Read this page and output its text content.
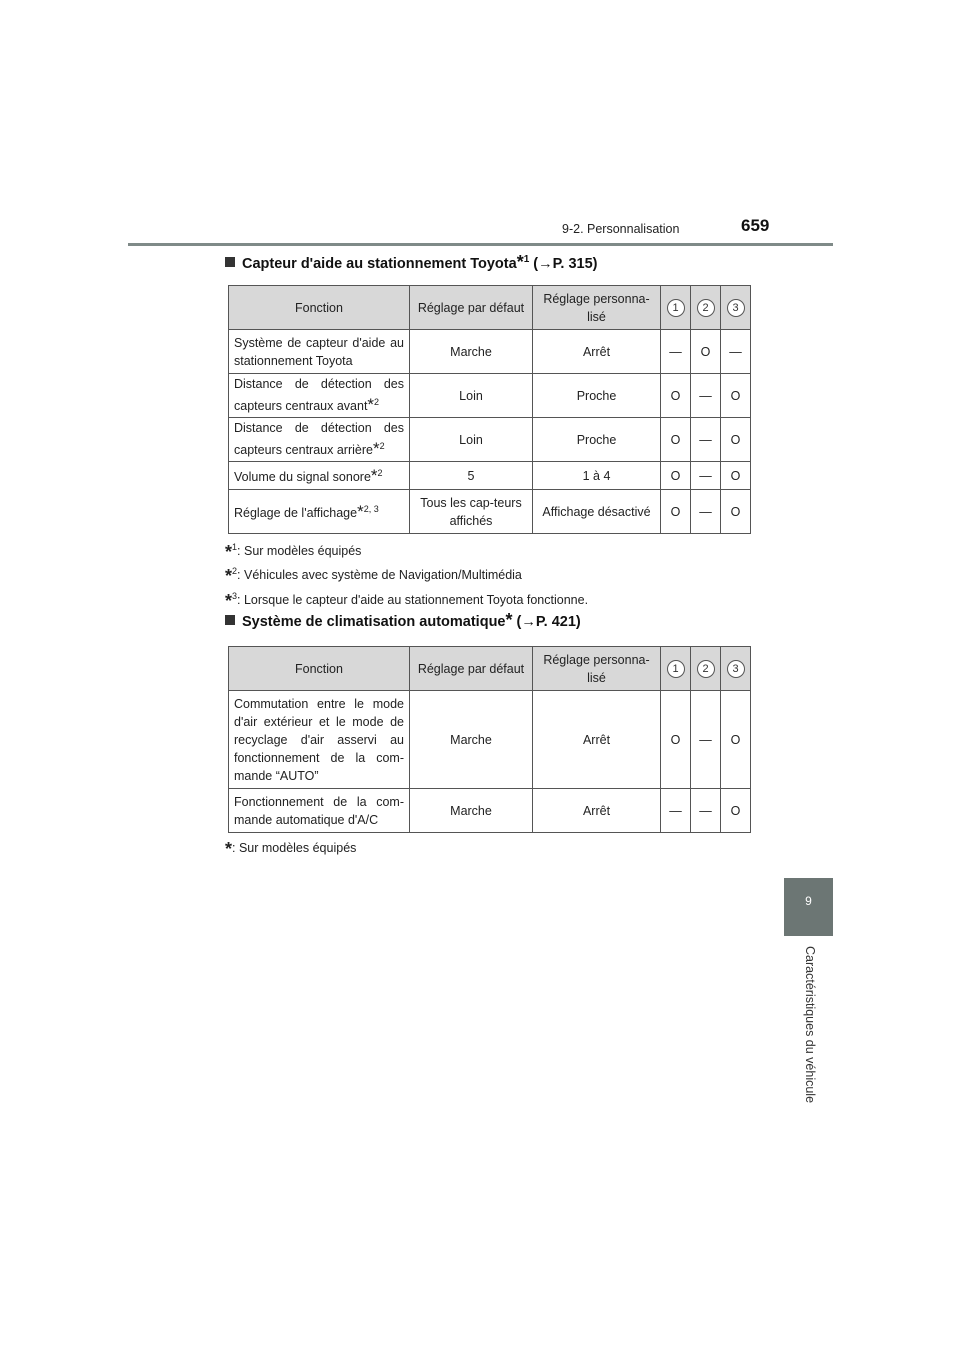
9-2. Personnalisation	659
9
Caractéristiques du véhicule
Capteur d'aide au stationnement Toyota*$^1$ (→P. 315)
Fonction	Réglage par défaut	Réglage personna-lisé	1	2	3
Système de capteur d'aide au stationnement Toyota	Marche	Arrêt	—	O	—
Distance de détection des capteurs centraux avant*$^2$	Loin	Proche	O	—	O
Distance de détection des capteurs centraux arrière*$^2$	Loin	Proche	O	—	O
Volume du signal sonore*$^2$	5	1 à 4	O	—	O
Réglage de l'affichage*$^{2, 3}$	Tous les cap-teurs affichés	Affichage désactivé	O	—	O
*$^1$: Sur modèles équipés
*$^2$: Véhicules avec système de Navigation/Multimédia
*$^3$: Lorsque le capteur d'aide au stationnement Toyota fonctionne.
Système de climatisation automatique* (→P. 421)
Fonction	Réglage par défaut	Réglage personna-lisé	1	2	3
Commutation entre le mode d'air extérieur et le mode de recyclage d'air asservi au fonctionnement de la com-mande “AUTO”	Marche	Arrêt	O	—	O
Fonctionnement de la com-mande automatique d'A/C	Marche	Arrêt	—	—	O
*: Sur modèles équipés
